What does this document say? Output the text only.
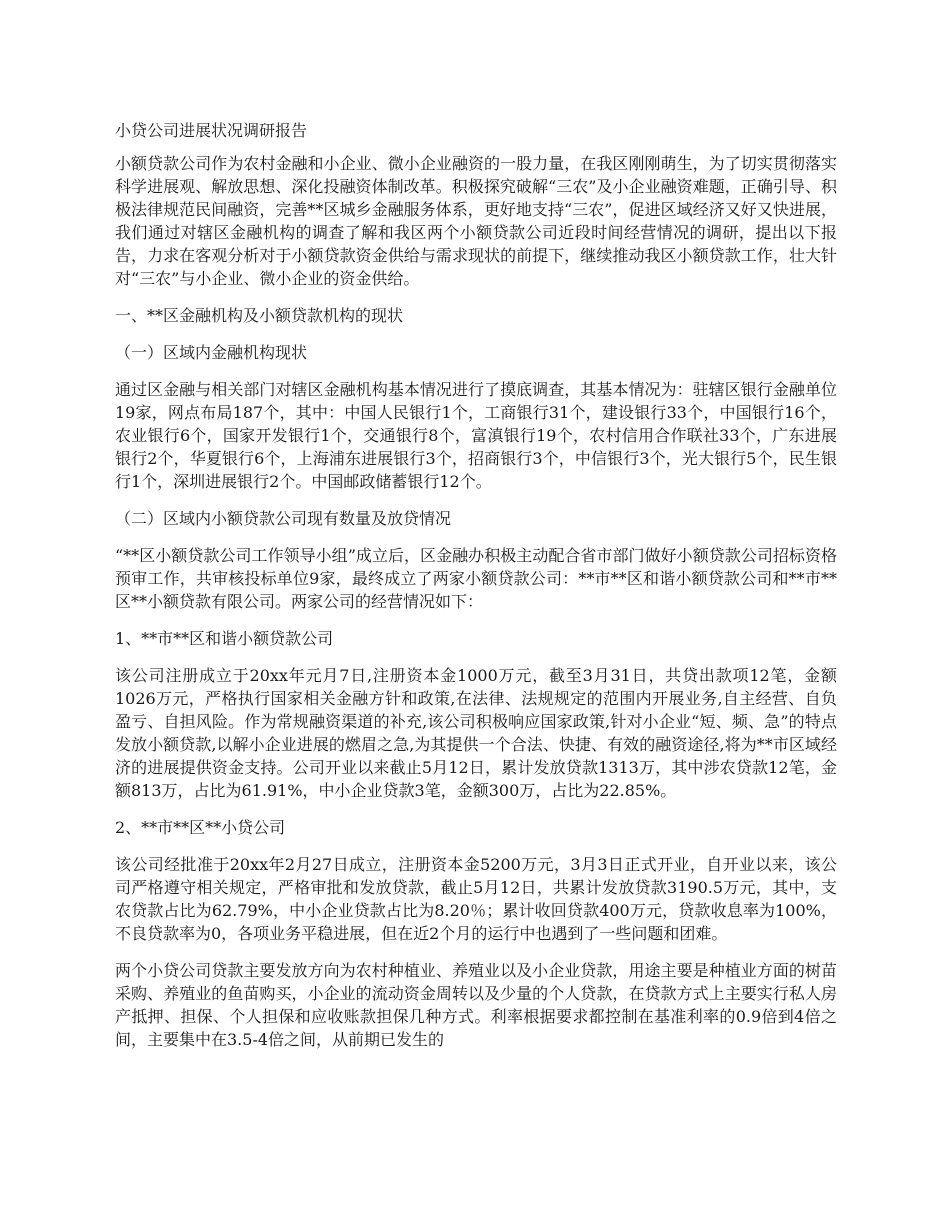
小贷公司进展状况调研报告

小额贷款公司作为农村金融和小企业、微小企业融资的一股力量，在我区刚刚萌生，为了切实贯彻落实科学进展观、解放思想、深化投融资体制改革。积极探究破解“三农”及小企业融资难题，正确引导、积极法律规范民间融资，完善**区城乡金融服务体系，更好地支持“三农”，促进区域经济又好又快进展，我们通过对辖区金融机构的调查了解和我区两个小额贷款公司近段时间经营情况的调研，提出以下报告，力求在客观分析对于小额贷款资金供给与需求现状的前提下，继续推动我区小额贷款工作，壮大针对“三农”与小企业、微小企业的资金供给。

一、**区金融机构及小额贷款机构的现状
（一）区域内金融机构现状

通过区金融与相关部门对辖区金融机构基本情况进行了摸底调查，其基本情况为：驻辖区银行金融单位19家，网点布局187个，其中：中国人民银行1个，工商银行31个，建设银行33个，中国银行16个，农业银行6个，国家开发银行1个，交通银行8个，富滇银行19个，农村信用合作联社33个，广东进展银行2个，华夏银行6个，上海浦东进展银行3个，招商银行3个，中信银行3个，光大银行5个，民生银行1个，深圳进展银行2个。中国邮政储蓄银行12个。

（二）区域内小额贷款公司现有数量及放贷情况

“**区小额贷款公司工作领导小组”成立后，区金融办积极主动配合省市部门做好小额贷款公司招标资格预审工作，共审核投标单位9家，最终成立了两家小额贷款公司：**市**区和谐小额贷款公司和**市**区**小额贷款有限公司。两家公司的经营情况如下：

1、**市**区和谐小额贷款公司

该公司注册成立于20xx年元月7日,注册资本金1000万元，截至3月31日，共贷出款项12笔，金额1026万元，严格执行国家相关金融方针和政策,在法律、法规规定的范围内开展业务,自主经营、自负盈亏、自担风险。作为常规融资渠道的补充,该公司积极响应国家政策,针对小企业“短、频、急”的特点发放小额贷款,以解小企业进展的燃眉之急,为其提供一个合法、快捷、有效的融资途径,将为**市区域经济的进展提供资金支持。公司开业以来截止5月12日，累计发放贷款1313万，其中涉农贷款12笔，金额813万，占比为61.91%，中小企业贷款3笔，金额300万，占比为22.85%。

2、**市**区**小贷公司

该公司经批准于20xx年2月27日成立，注册资本金5200万元，3月3日正式开业，自开业以来，该公司严格遵守相关规定，严格审批和发放贷款，截止5月12日，共累计发放贷款3190.5万元，其中，支农贷款占比为62.79%，中小企业贷款占比为8.20％；累计收回贷款400万元，贷款收息率为100%，不良贷款率为0，各项业务平稳进展，但在近2个月的运行中也遇到了一些问题和团难。

两个小贷公司贷款主要发放方向为农村种植业、养殖业以及小企业贷款，用途主要是种植业方面的树苗采购、养殖业的鱼苗购买，小企业的流动资金周转以及少量的个人贷款，在贷款方式上主要实行私人房产抵押、担保、个人担保和应收账款担保几种方式。利率根据要求都控制在基准利率的0.9倍到4倍之间，主要集中在3.5-4倍之间，从前期已发生的
